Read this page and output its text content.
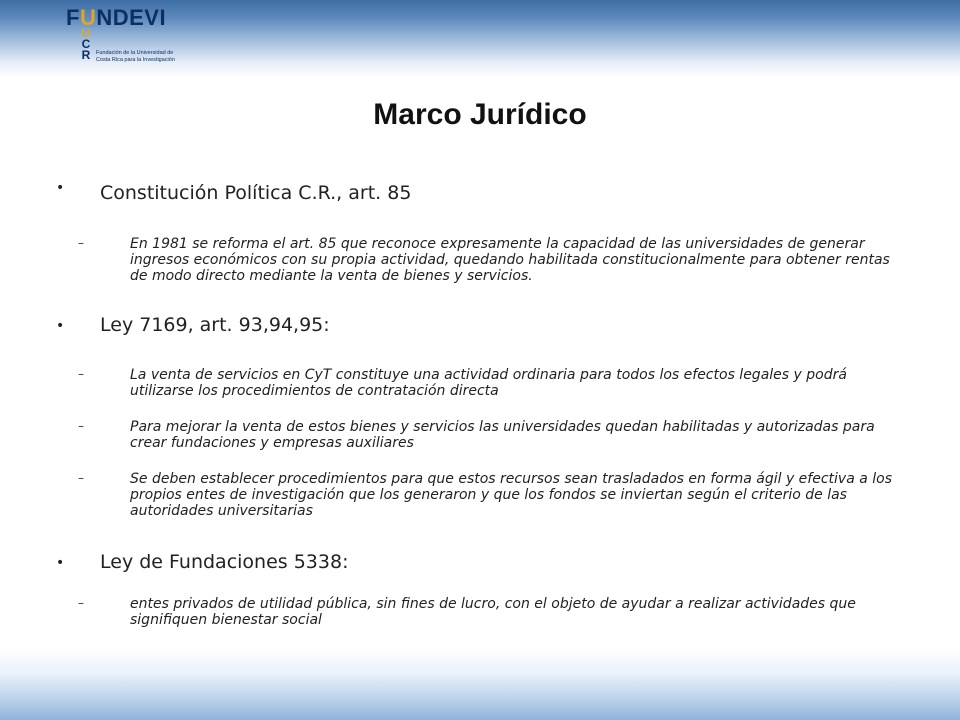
FUNDEVI
U
C
R	Fundación de la Universidad de Costa Rica para la Investigación
Marco Jurídico
• Constitución Política C.R., art. 85
–	En 1981 se reforma el art. 85 que reconoce expresamente la capacidad de las universidades de generar ingresos económicos con su propia actividad, quedando habilitada constitucionalmente para obtener rentas de modo directo mediante la venta de bienes y servicios.
• Ley 7169, art. 93,94,95:
–	La venta de servicios en CyT constituye una actividad ordinaria para todos los efectos legales y podrá utilizarse los procedimientos de contratación directa
–	Para mejorar la venta de estos bienes y servicios las universidades quedan habilitadas y autorizadas para crear fundaciones y empresas auxiliares
–	Se deben establecer procedimientos para que estos recursos sean trasladados en forma ágil y efectiva a los propios entes de investigación que los generaron y que los fondos se inviertan según el criterio de las autoridades universitarias
• Ley de Fundaciones 5338:
–	entes privados de utilidad pública, sin fines de lucro, con el objeto de ayudar a realizar actividades que signifiquen bienestar social
